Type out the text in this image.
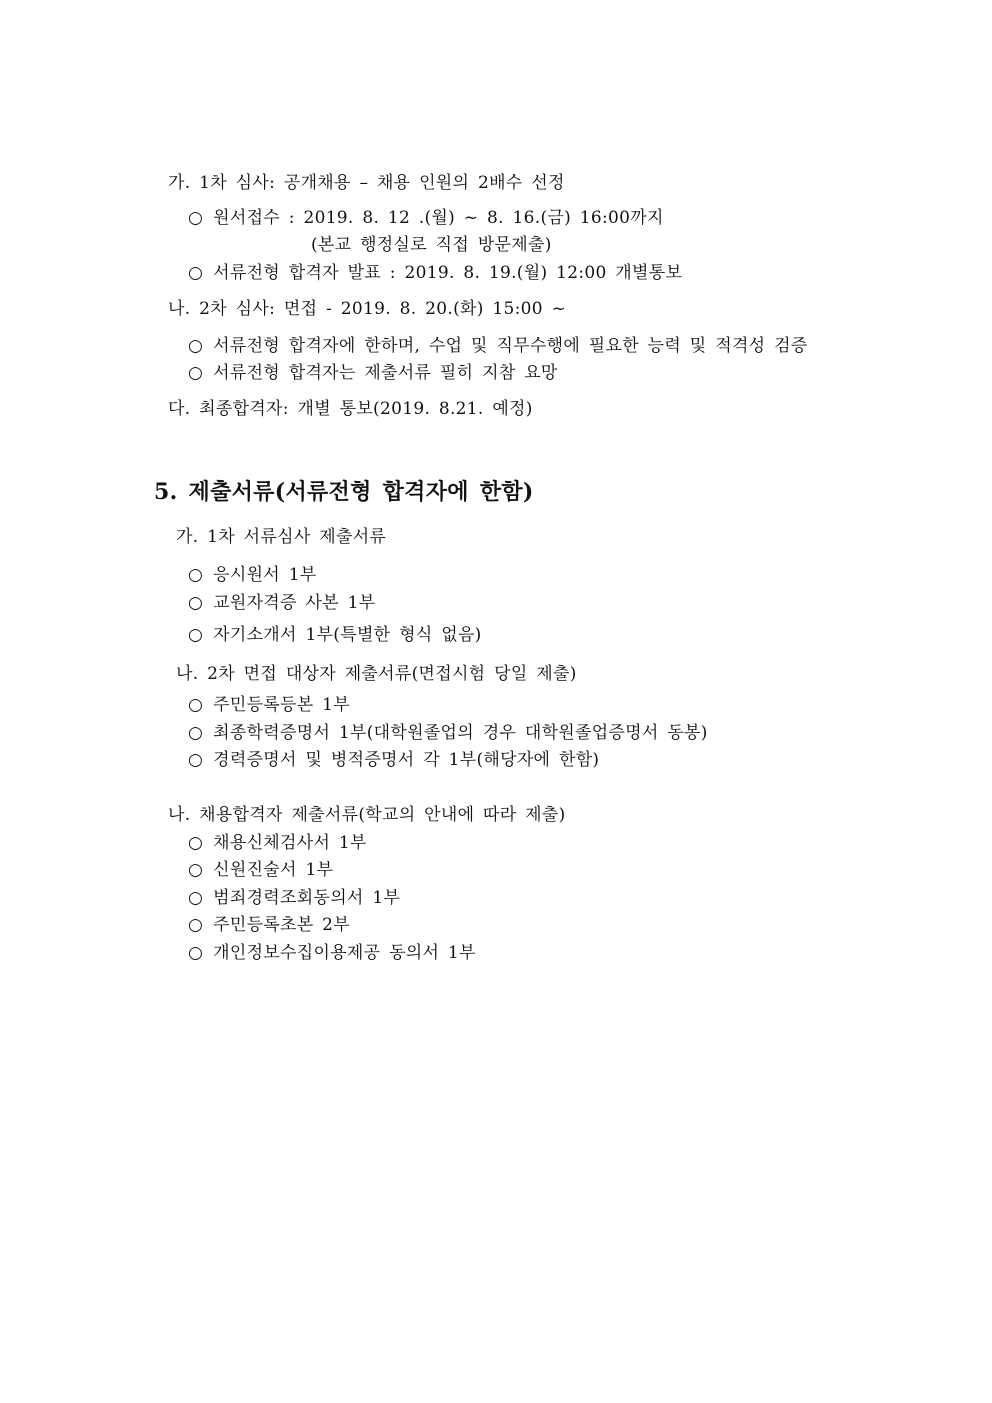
가. 1차 심사: 공개채용 – 채용 인원의 2배수 선정
○ 원서접수 : 2019. 8. 12 .(월) ~ 8. 16.(금) 16:00까지
(본교 행정실로 직접 방문제출)
○ 서류전형 합격자 발표 : 2019. 8. 19.(월) 12:00 개별통보
나. 2차 심사: 면접 - 2019. 8. 20.(화) 15:00 ~
○ 서류전형 합격자에 한하며, 수업 및 직무수행에 필요한 능력 및 적격성 검증
○ 서류전형 합격자는 제출서류 필히 지참 요망
다. 최종합격자: 개별 통보(2019. 8.21. 예정)
5. 제출서류(서류전형 합격자에 한함)
가. 1차 서류심사 제출서류
○ 응시원서 1부
○ 교원자격증 사본 1부
○ 자기소개서 1부(특별한 형식 없음)
나. 2차 면접 대상자 제출서류(면접시험 당일 제출)
○ 주민등록등본 1부
○ 최종학력증명서 1부(대학원졸업의 경우 대학원졸업증명서 동봉)
○ 경력증명서 및 병적증명서 각 1부(해당자에 한함)
나. 채용합격자 제출서류(학교의 안내에 따라 제출)
○ 채용신체검사서 1부
○ 신원진술서 1부
○ 범죄경력조회동의서 1부
○ 주민등록초본 2부
○ 개인정보수집이용제공 동의서 1부
